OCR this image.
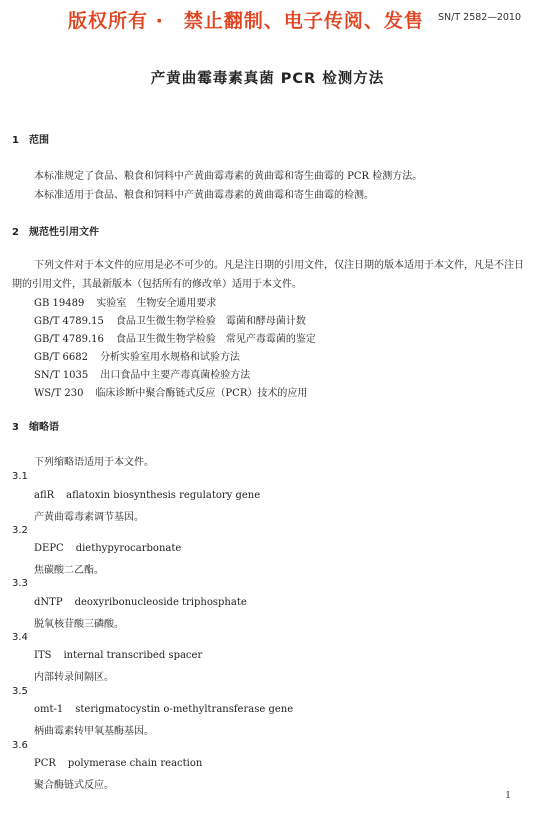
SN/T 2582—2010
版权所有 ·　禁止翻制、电子传阅、发售
产黄曲霉毒素真菌 PCR 检测方法
1 范围
本标准规定了食品、粮食和饲料中产黄曲霉毒素的黄曲霉和寄生曲霉的 PCR 检测方法。
本标准适用于食品、粮食和饲料中产黄曲霉毒素的黄曲霉和寄生曲霉的检测。
2 规范性引用文件
下列文件对于本文件的应用是必不可少的。凡是注日期的引用文件，仅注日期的版本适用于本文件，凡是不注日期的引用文件，其最新版本（包括所有的修改单）适用于本文件。
GB 19489 实验室　生物安全通用要求
GB/T 4789.15 食品卫生微生物学检验　霉菌和酵母菌计数
GB/T 4789.16 食品卫生微生物学检验　常见产毒霉菌的鉴定
GB/T 6682 分析实验室用水规格和试验方法
SN/T 1035 出口食品中主要产毒真菌检验方法
WS/T 230 临床诊断中聚合酶链式反应（PCR）技术的应用
3 缩略语
下列缩略语适用于本文件。
3.1
aflR aflatoxin biosynthesis regulatory gene
产黄曲霉毒素调节基因。
3.2
DEPC diethypyrocarbonate
焦碳酸二乙酯。
3.3
dNTP deoxyribonucleoside triphosphate
脱氧核苷酸三磷酸。
3.4
ITS internal transcribed spacer
内部转录间隔区。
3.5
omt-1 sterigmatocystin o-methyltransferase gene
柄曲霉素转甲氧基酶基因。
3.6
PCR polymerase chain reaction
聚合酶链式反应。
1
